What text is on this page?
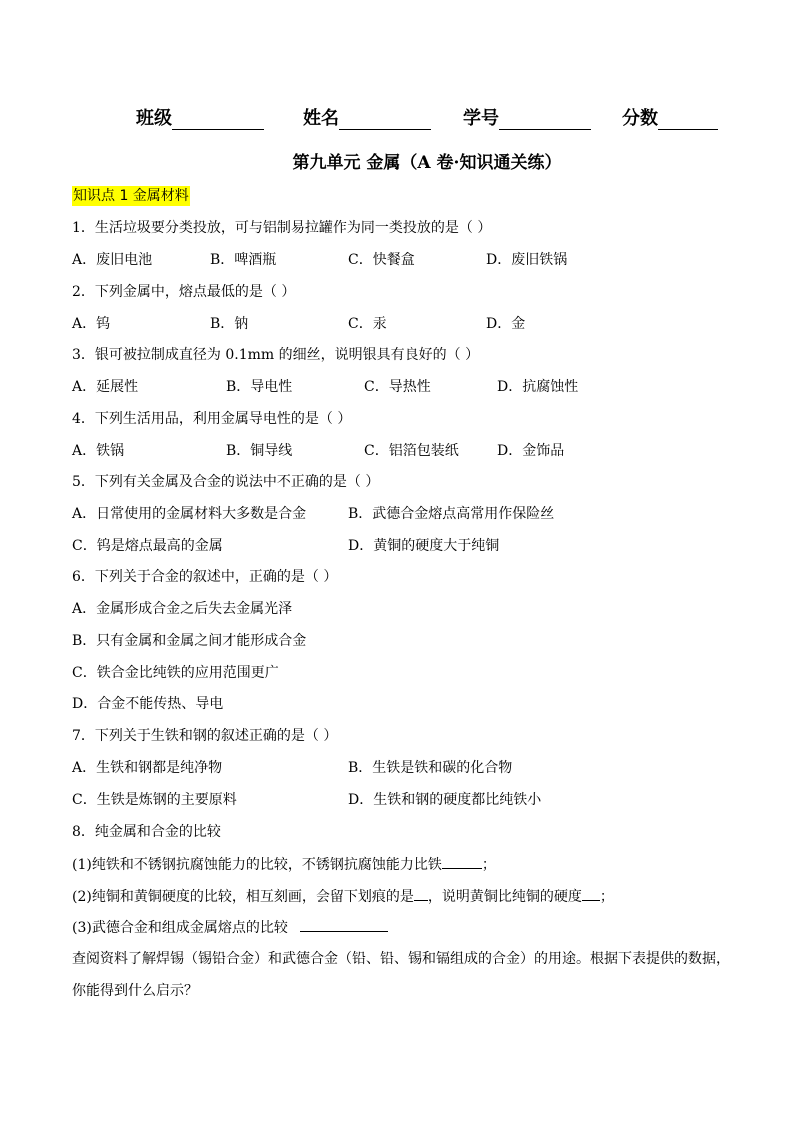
班级	姓名	学号	分数
第九单元 金属（A 卷·知识通关练）
知识点 1 金属材料
1．生活垃圾要分类投放，可与铝制易拉罐作为同一类投放的是（ ）
A．废旧电池	B．啤酒瓶	C．快餐盒	D．废旧铁锅
2．下列金属中，熔点最低的是（ ）
A．钨	B．钠	C．汞	D．金
3．银可被拉制成直径为 0.1mm 的细丝，说明银具有良好的（ ）
A．延展性	B．导电性	C．导热性	D．抗腐蚀性
4．下列生活用品，利用金属导电性的是（ ）
A．铁锅	B．铜导线	C．铝箔包装纸	D．金饰品
5．下列有关金属及合金的说法中不正确的是（ ）
A．日常使用的金属材料大多数是合金	B．武德合金熔点高常用作保险丝
C．钨是熔点最高的金属	D．黄铜的硬度大于纯铜
6．下列关于合金的叙述中，正确的是（ ）
A．金属形成合金之后失去金属光泽
B．只有金属和金属之间才能形成合金
C．铁合金比纯铁的应用范围更广
D．合金不能传热、导电
7．下列关于生铁和钢的叙述正确的是（ ）
A．生铁和钢都是纯净物	B．生铁是铁和碳的化合物
C．生铁是炼钢的主要原料	D．生铁和钢的硬度都比纯铁小
8．纯金属和合金的比较
(1)纯铁和不锈钢抗腐蚀能力的比较，不锈钢抗腐蚀能力比铁	；
(2)纯铜和黄铜硬度的比较，相互刻画，会留下划痕的是 ，说明黄铜比纯铜的硬度 ；
(3)武德合金和组成金属熔点的比较
查阅资料了解焊锡（锡铅合金）和武德合金（铅、铅、锡和镉组成的合金）的用途。根据下表提供的数据，
你能得到什么启示？
